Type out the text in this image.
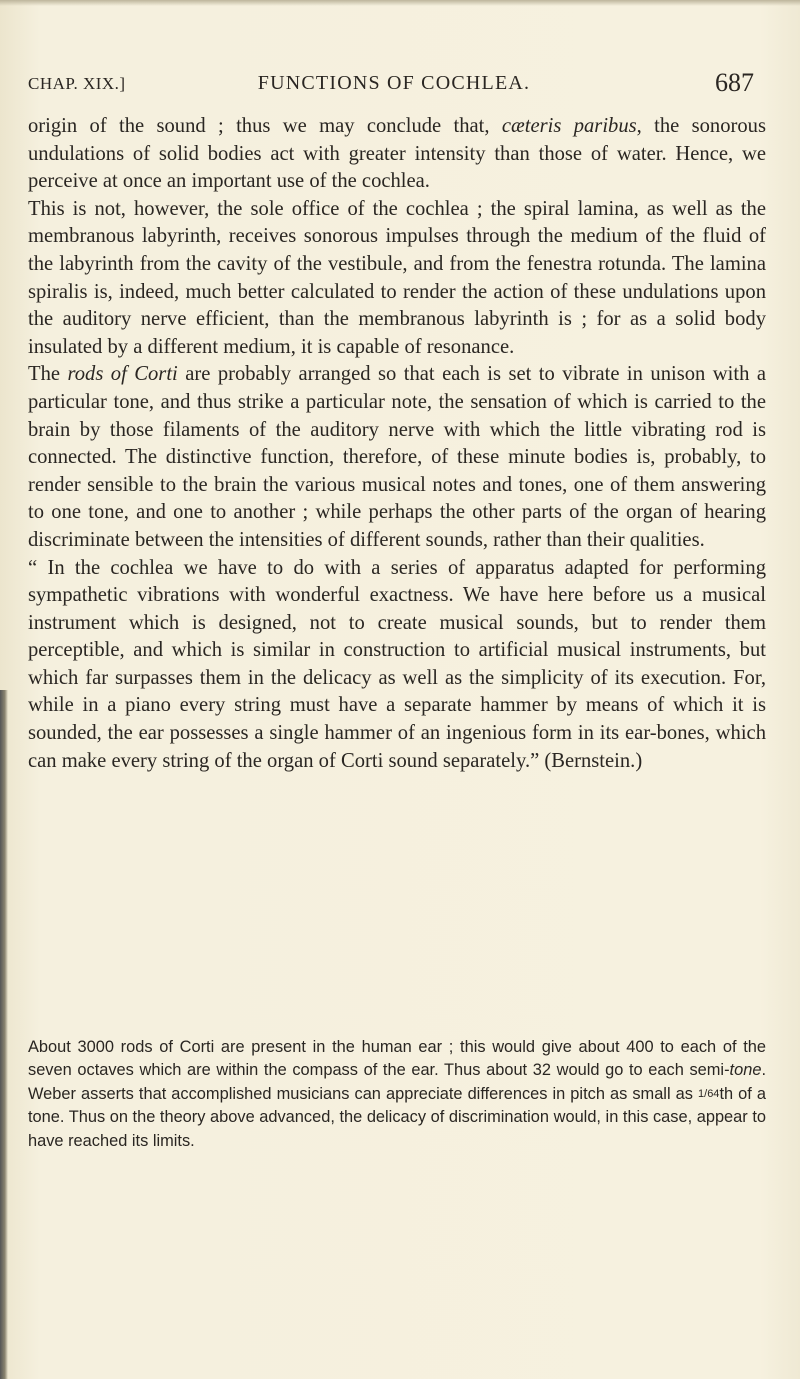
CHAP. XIX.]	FUNCTIONS OF COCHLEA.	687

origin of the sound ; thus we may conclude that, cæteris paribus, the sonorous undulations of solid bodies act with greater intensity than those of water. Hence, we perceive at once an important use of the cochlea.

This is not, however, the sole office of the cochlea ; the spiral lamina, as well as the membranous labyrinth, receives sonorous impulses through the medium of the fluid of the labyrinth from the cavity of the vestibule, and from the fenestra rotunda. The lamina spiralis is, indeed, much better calculated to render the action of these undulations upon the auditory nerve efficient, than the membranous labyrinth is ; for as a solid body insulated by a different medium, it is capable of resonance.

The rods of Corti are probably arranged so that each is set to vibrate in unison with a particular tone, and thus strike a particular note, the sensation of which is carried to the brain by those filaments of the auditory nerve with which the little vibrating rod is connected. The distinctive function, therefore, of these minute bodies is, probably, to render sensible to the brain the various musical notes and tones, one of them answering to one tone, and one to another ; while perhaps the other parts of the organ of hearing discriminate between the intensities of different sounds, rather than their qualities.

“ In the cochlea we have to do with a series of apparatus adapted for performing sympathetic vibrations with wonderful exactness. We have here before us a musical instrument which is designed, not to create musical sounds, but to render them perceptible, and which is similar in construction to artificial musical instruments, but which far surpasses them in the delicacy as well as the simplicity of its execution. For, while in a piano every string must have a separate hammer by means of which it is sounded, the ear possesses a single hammer of an ingenious form in its ear-bones, which can make every string of the organ of Corti sound separately.” (Bernstein.)

About 3000 rods of Corti are present in the human ear ; this would give about 400 to each of the seven octaves which are within the compass of the ear. Thus about 32 would go to each semi-tone. Weber asserts that accomplished musicians can appreciate differences in pitch as small as 1/64th of a tone. Thus on the theory above advanced, the delicacy of discrimination would, in this case, appear to have reached its limits.
